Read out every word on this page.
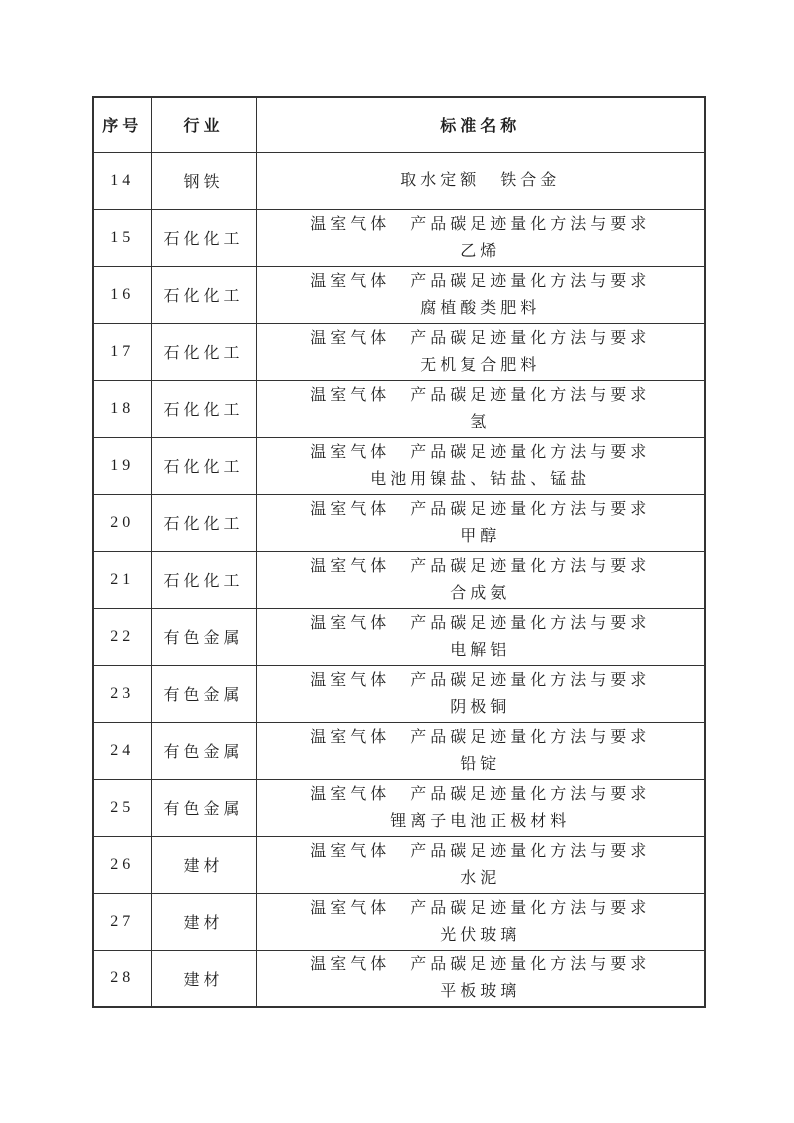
序号	行业	标准名称
14	钢铁	取水定额　铁合金

15	石化化工	温室气体　产品碳足迹量化方法与要求
乙烯

16	石化化工	温室气体　产品碳足迹量化方法与要求
腐植酸类肥料

17	石化化工	温室气体　产品碳足迹量化方法与要求
无机复合肥料

18	石化化工	温室气体　产品碳足迹量化方法与要求
氢

19	石化化工	温室气体　产品碳足迹量化方法与要求
电池用镍盐、钴盐、锰盐

20	石化化工	温室气体　产品碳足迹量化方法与要求
甲醇

21	石化化工	温室气体　产品碳足迹量化方法与要求
合成氨

22	有色金属	温室气体　产品碳足迹量化方法与要求
电解铝

23	有色金属	温室气体　产品碳足迹量化方法与要求
阴极铜

24	有色金属	温室气体　产品碳足迹量化方法与要求
铅锭

25	有色金属	温室气体　产品碳足迹量化方法与要求
锂离子电池正极材料

26	建材	温室气体　产品碳足迹量化方法与要求
水泥

27	建材	温室气体　产品碳足迹量化方法与要求
光伏玻璃

28	建材	温室气体　产品碳足迹量化方法与要求
平板玻璃
